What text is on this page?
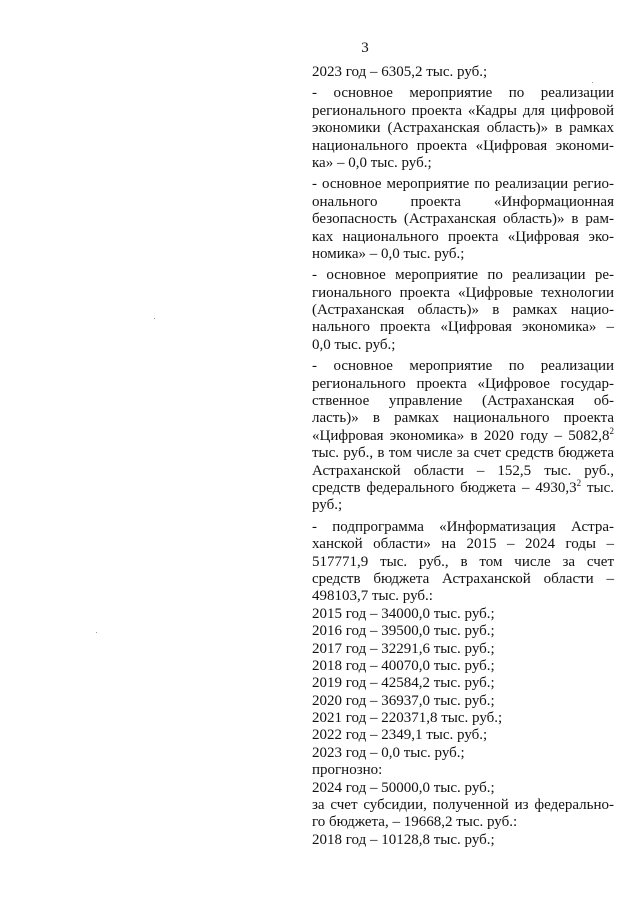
3
2023 год – 6305,2 тыс. руб.;
- основное мероприятие по реализации
регионального проекта «Кадры для цифровой
экономики (Астраханская область)» в рамках
национального проекта «Цифровая экономи-
ка» – 0,0 тыс. руб.;
- основное мероприятие по реализации регио-
онального проекта «Информационная
безопасность (Астраханская область)» в рам-
ках национального проекта «Цифровая эко-
номика» – 0,0 тыс. руб.;
- основное мероприятие по реализации ре-
гионального проекта «Цифровые технологии
(Астраханская область)» в рамках нацио-
нального проекта «Цифровая экономика» –
0,0 тыс. руб.;
- основное мероприятие по реализации
регионального проекта «Цифровое государ-
ственное управление (Астраханская об-
ласть)» в рамках национального проекта
«Цифровая экономика» в 2020 году – 5082,8$^2$
тыс. руб., в том числе за счет средств бюджета
Астраханской области – 152,5 тыс. руб.,
средств федерального бюджета – 4930,3$^2$ тыс.
руб.;
- подпрограмма «Информатизация Астра-
ханской области» на 2015 – 2024 годы –
517771,9 тыс. руб., в том числе за счет
средств бюджета Астраханской области –
498103,7 тыс. руб.:
2015 год – 34000,0 тыс. руб.;
2016 год – 39500,0 тыс. руб.;
2017 год – 32291,6 тыс. руб.;
2018 год – 40070,0 тыс. руб.;
2019 год – 42584,2 тыс. руб.;
2020 год – 36937,0 тыс. руб.;
2021 год – 220371,8 тыс. руб.;
2022 год – 2349,1 тыс. руб.;
2023 год – 0,0 тыс. руб.;
прогнозно:
2024 год – 50000,0 тыс. руб.;
за счет субсидии, полученной из федерально-
го бюджета, – 19668,2 тыс. руб.:
2018 год – 10128,8 тыс. руб.;
